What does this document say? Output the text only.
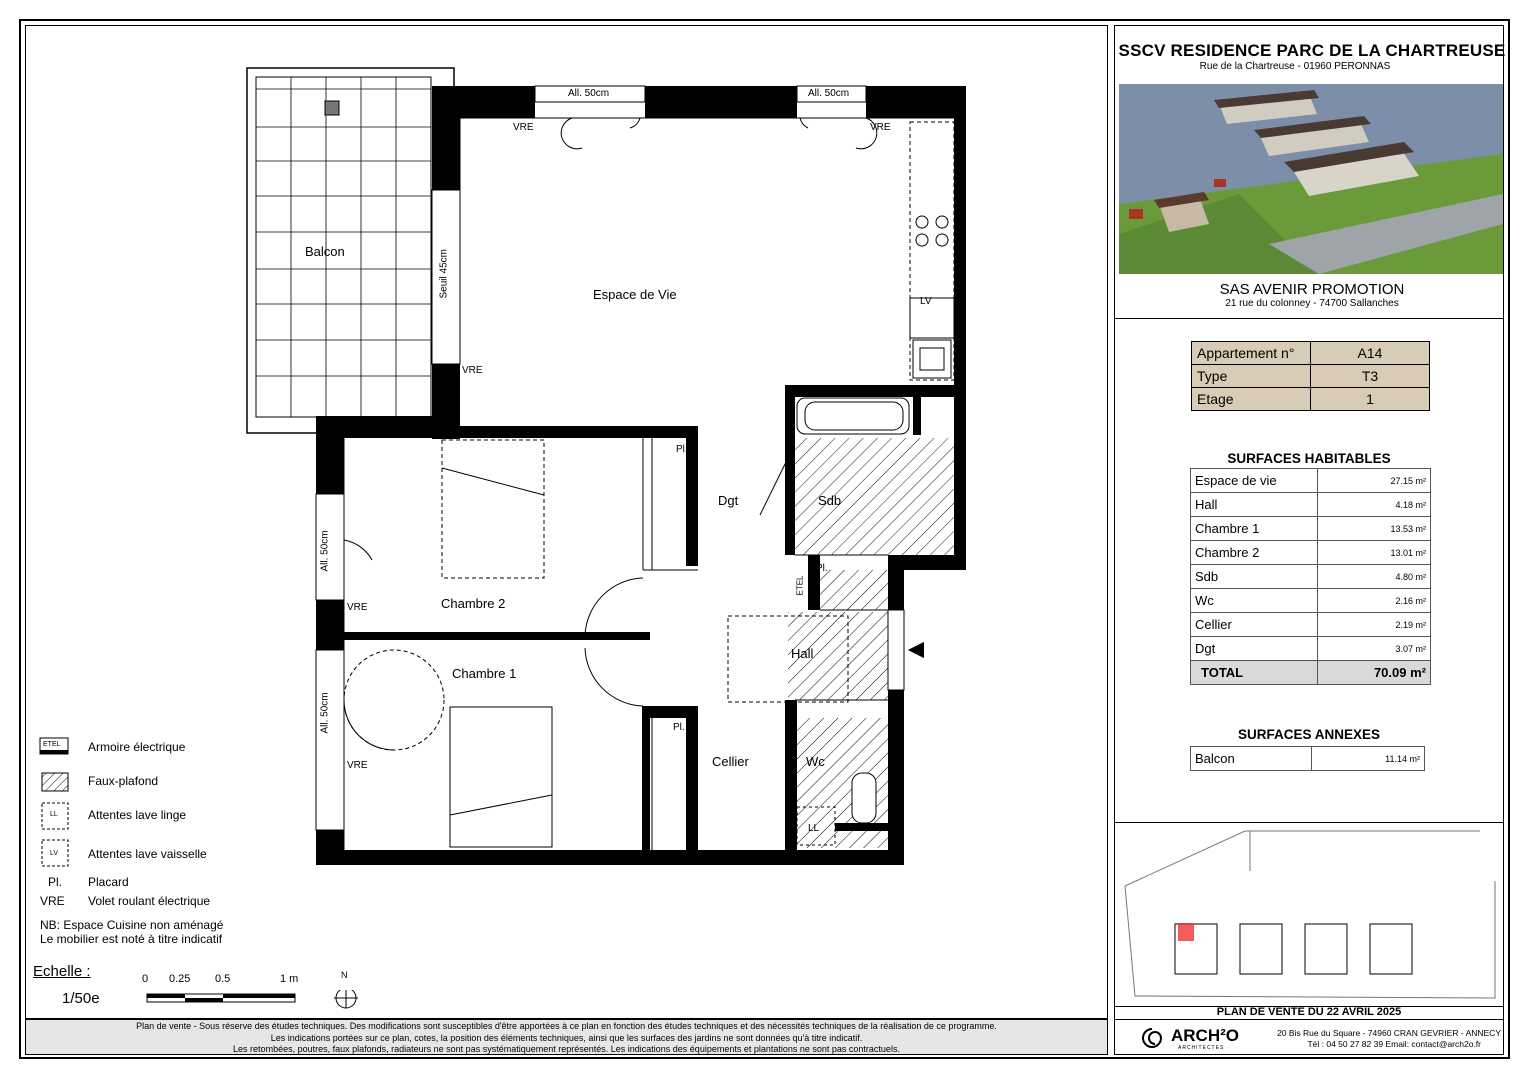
Balcon
Espace de Vie
Chambre 2
Chambre 1
Dgt	Sdb
Hall
Cellier	Wc
All. 50cm	All. 50cm
VRE	VRE
VRE
VRE
VRE
Seuil 45cm
All. 50cm
All. 50cm
Pl.
Pl.
Pl.
LV
LL
ETEL
ETEL
LL
LV
Armoire électrique
Faux-plafond
Attentes lave linge
Attentes lave vaisselle
Pl. Placard
VRE Volet roulant électrique
NB: Espace Cuisine non aménagé
Le mobilier est noté à titre indicatif
Echelle :
1/50e
0 0.25 0.5	1 m	N
Plan de vente - Sous réserve des études techniques. Des modifications sont susceptibles d'être apportées à ce plan en fonction des études techniques et des nécessités techniques de la réalisation de ce programme.
Les indications portées sur ce plan, cotes, la position des éléments techniques, ainsi que les surfaces des jardins ne sont données qu'à titre indicatif.
Les retombées, poutres, faux plafonds, radiateurs ne sont pas systématiquement représentés. Les indications des équipements et plantations ne sont pas contractuels.
SSCV RESIDENCE PARC DE LA CHARTREUSE
Rue de la Chartreuse - 01960 PERONNAS
SAS AVENIR PROMOTION
21 rue du colonney - 74700 Sallanches
Appartement n°	A14
Type	T3
Etage	1
SURFACES HABITABLES
Espace de vie	27.15 m²
Hall	4.18 m²
Chambre 1	13.53 m²
Chambre 2	13.01 m²
Sdb	4.80 m²
Wc	2.16 m²
Cellier	2.19 m²
Dgt	3.07 m²
TOTAL	70.09 m²
SURFACES ANNEXES
Balcon	11.14 m²
PLAN DE VENTE DU 22 AVRIL 2025
ARCH²O
ARCHITECTES
20 Bis Rue du Square - 74960 CRAN GEVRIER - ANNECY
Tél : 04 50 27 82 39 Email: contact@arch2o.fr
